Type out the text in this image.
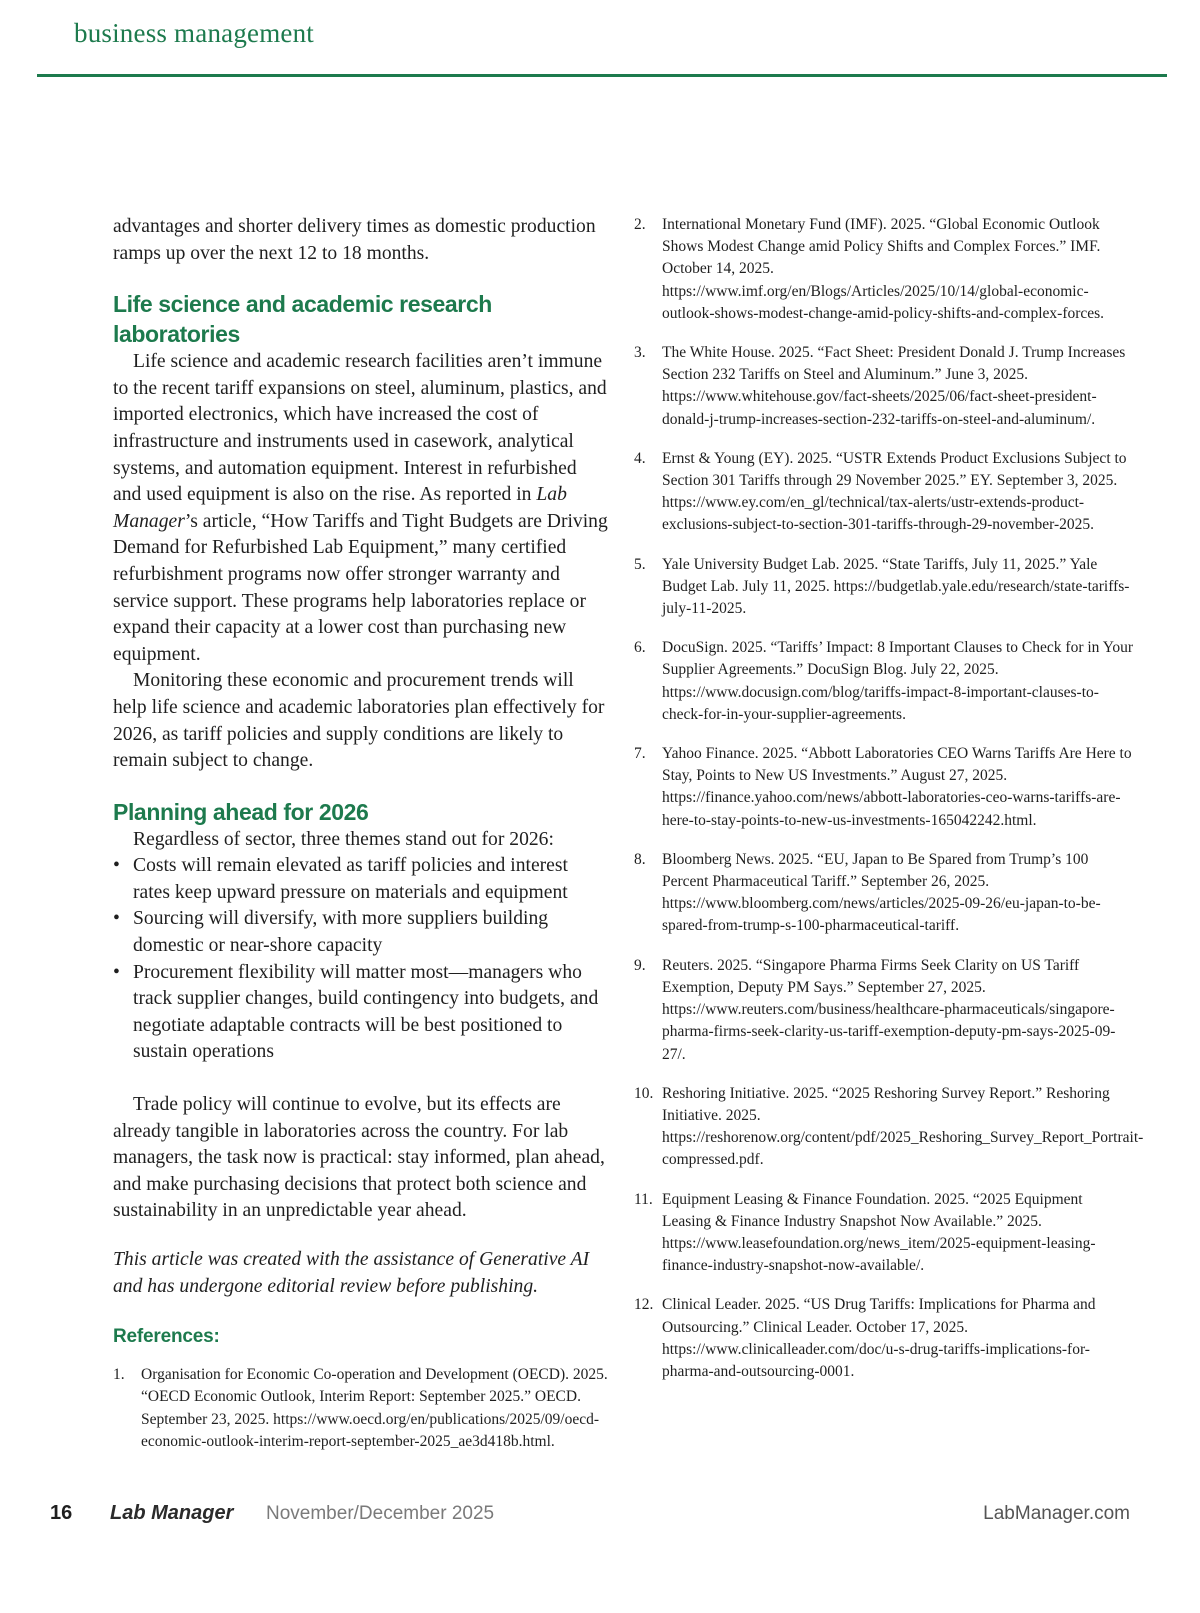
business management

advantages and shorter delivery times as domestic production ramps up over the next 12 to 18 months.

Life science and academic research laboratories

Life science and academic research facilities aren’t immune to the recent tariff expansions on steel, aluminum, plastics, and imported electronics, which have increased the cost of infrastructure and instruments used in casework, analytical systems, and automation equipment. Interest in refurbished and used equipment is also on the rise. As reported in Lab Manager’s article, “How Tariffs and Tight Budgets are Driving Demand for Refurbished Lab Equipment,” many certified refurbishment programs now offer stronger warranty and service support. These programs help laboratories replace or expand their capacity at a lower cost than purchasing new equipment.

Monitoring these economic and procurement trends will help life science and academic laboratories plan effectively for 2026, as tariff policies and supply conditions are likely to remain subject to change.

Planning ahead for 2026

Regardless of sector, three themes stand out for 2026:

• Costs will remain elevated as tariff policies and interest rates keep upward pressure on materials and equipment
• Sourcing will diversify, with more suppliers building domestic or near-shore capacity
• Procurement flexibility will matter most—managers who track supplier changes, build contingency into budgets, and negotiate adaptable contracts will be best positioned to sustain operations

Trade policy will continue to evolve, but its effects are already tangible in laboratories across the country. For lab managers, the task now is practical: stay informed, plan ahead, and make purchasing decisions that protect both science and sustainability in an unpredictable year ahead.

This article was created with the assistance of Generative AI and has undergone editorial review before publishing.

References:
1. Organisation for Economic Co-operation and Development (OECD). 2025. “OECD Economic Outlook, Interim Report: September 2025.” OECD. September 23, 2025. https://www.oecd.org/en/publications/2025/09/oecd-economic-outlook-interim-report-september-2025_ae3d418b.html.
2. International Monetary Fund (IMF). 2025. “Global Economic Outlook Shows Modest Change amid Policy Shifts and Complex Forces.” IMF. October 14, 2025. https://www.imf.org/en/Blogs/Articles/2025/10/14/global-economic-outlook-shows-modest-change-amid-policy-shifts-and-complex-forces.
3. The White House. 2025. “Fact Sheet: President Donald J. Trump Increases Section 232 Tariffs on Steel and Aluminum.” June 3, 2025. https://www.whitehouse.gov/fact-sheets/2025/06/fact-sheet-president-donald-j-trump-increases-section-232-tariffs-on-steel-and-aluminum/.
4. Ernst & Young (EY). 2025. “USTR Extends Product Exclusions Subject to Section 301 Tariffs through 29 November 2025.” EY. September 3, 2025. https://www.ey.com/en_gl/technical/tax-alerts/ustr-extends-product-exclusions-subject-to-section-301-tariffs-through-29-november-2025.
5. Yale University Budget Lab. 2025. “State Tariffs, July 11, 2025.” Yale Budget Lab. July 11, 2025. https://budgetlab.yale.edu/research/state-tariffs-july-11-2025.
6. DocuSign. 2025. “Tariffs’ Impact: 8 Important Clauses to Check for in Your Supplier Agreements.” DocuSign Blog. July 22, 2025. https://www.docusign.com/blog/tariffs-impact-8-important-clauses-to-check-for-in-your-supplier-agreements.
7. Yahoo Finance. 2025. “Abbott Laboratories CEO Warns Tariffs Are Here to Stay, Points to New US Investments.” August 27, 2025. https://finance.yahoo.com/news/abbott-laboratories-ceo-warns-tariffs-are-here-to-stay-points-to-new-us-investments-165042242.html.
8. Bloomberg News. 2025. “EU, Japan to Be Spared from Trump’s 100 Percent Pharmaceutical Tariff.” September 26, 2025. https://www.bloomberg.com/news/articles/2025-09-26/eu-japan-to-be-spared-from-trump-s-100-pharmaceutical-tariff.
9. Reuters. 2025. “Singapore Pharma Firms Seek Clarity on US Tariff Exemption, Deputy PM Says.” September 27, 2025. https://www.reuters.com/business/healthcare-pharmaceuticals/singapore-pharma-firms-seek-clarity-us-tariff-exemption-deputy-pm-says-2025-09-27/.
10. Reshoring Initiative. 2025. “2025 Reshoring Survey Report.” Reshoring Initiative. 2025. https://reshorenow.org/content/pdf/2025_Reshoring_Survey_Report_Portrait-compressed.pdf.
11. Equipment Leasing & Finance Foundation. 2025. “2025 Equipment Leasing & Finance Industry Snapshot Now Available.” 2025. https://www.leasefoundation.org/news_item/2025-equipment-leasing-finance-industry-snapshot-now-available/.
12. Clinical Leader. 2025. “US Drug Tariffs: Implications for Pharma and Outsourcing.” Clinical Leader. October 17, 2025. https://www.clinicalleader.com/doc/u-s-drug-tariffs-implications-for-pharma-and-outsourcing-0001.
16 Lab Manager November/December 2025	LabManager.com
